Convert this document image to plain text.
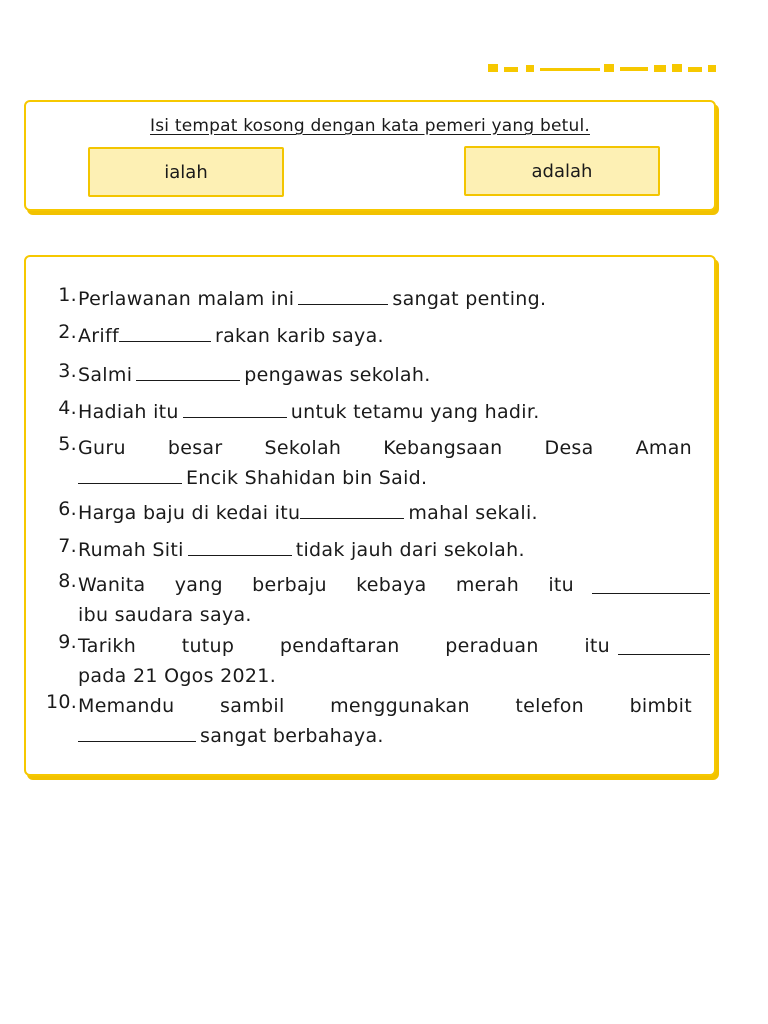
Isi tempat kosong dengan kata pemeri yang betul.
ialah	adalah
1. Perlawanan malam ini	sangat penting.
2. Ariff	rakan karib saya.
3. Salmi	pengawas sekolah.
4. Hadiah itu	untuk tetamu yang hadir.
5. Guru besar Sekolah Kebangsaan Desa Aman
Encik Shahidan bin Said.
6. Harga baju di kedai itu	mahal sekali.
7. Rumah Siti	tidak jauh dari sekolah.
8. Wanita yang berbaju kebaya merah itu
ibu saudara saya.
9. Tarikh tutup pendaftaran peraduan itu
pada 21 Ogos 2021.
10. Memandu sambil menggunakan telefon bimbit
sangat berbahaya.
